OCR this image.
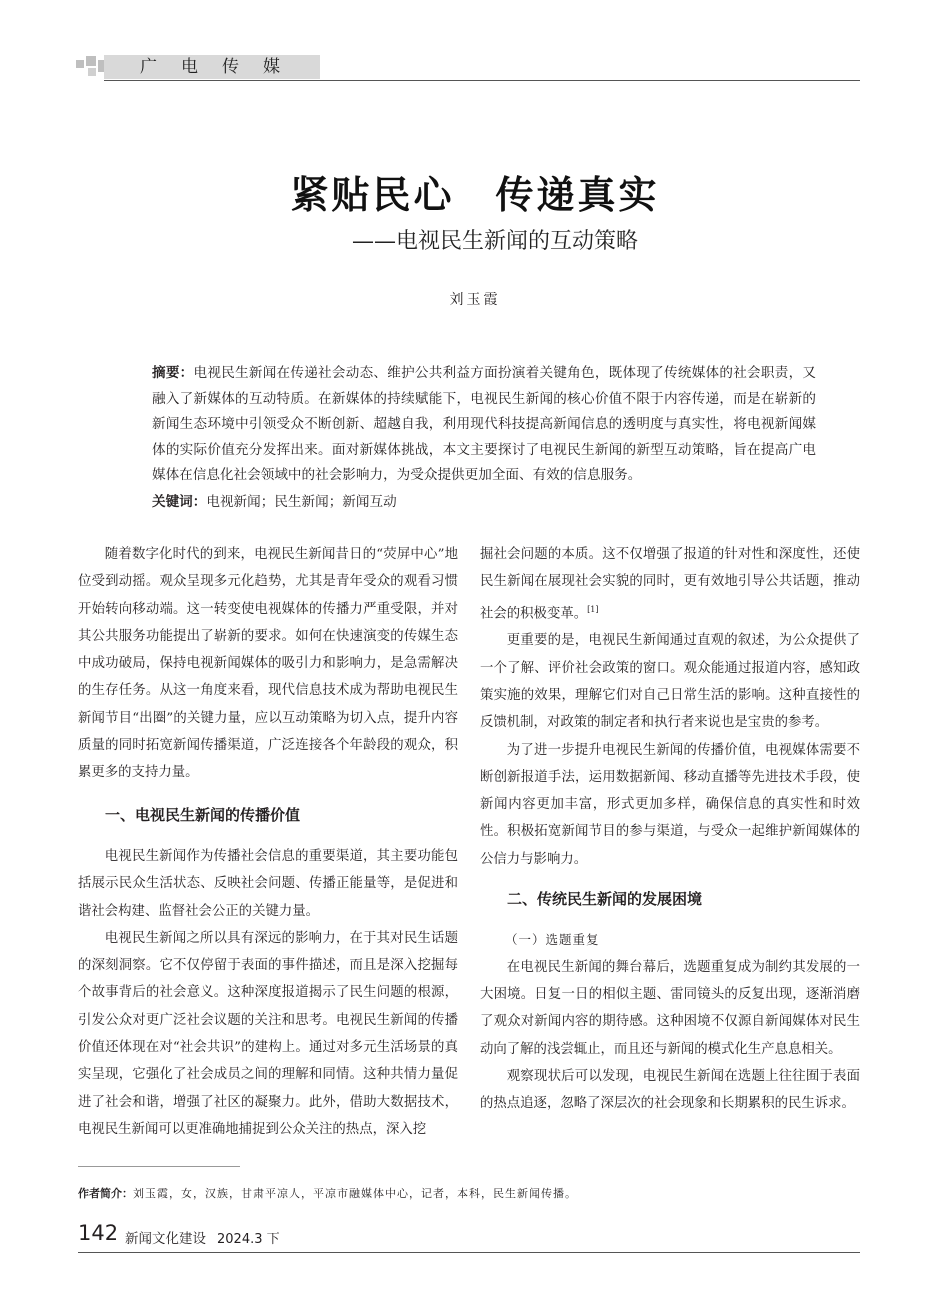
广电传媒
紧贴民心　传递真实
——电视民生新闻的互动策略
刘玉霞
摘要：电视民生新闻在传递社会动态、维护公共利益方面扮演着关键角色，既体现了传统媒体的社会职责，又融入了新媒体的互动特质。在新媒体的持续赋能下，电视民生新闻的核心价值不限于内容传递，而是在崭新的新闻生态环境中引领受众不断创新、超越自我，利用现代科技提高新闻信息的透明度与真实性，将电视新闻媒体的实际价值充分发挥出来。面对新媒体挑战，本文主要探讨了电视民生新闻的新型互动策略，旨在提高广电媒体在信息化社会领域中的社会影响力，为受众提供更加全面、有效的信息服务。
关键词：电视新闻；民生新闻；新闻互动

随着数字化时代的到来，电视民生新闻昔日的“荧屏中心”地位受到动摇。观众呈现多元化趋势，尤其是青年受众的观看习惯开始转向移动端。这一转变使电视媒体的传播力严重受限，并对其公共服务功能提出了崭新的要求。如何在快速演变的传媒生态中成功破局，保持电视新闻媒体的吸引力和影响力，是急需解决的生存任务。从这一角度来看，现代信息技术成为帮助电视民生新闻节目“出圈”的关键力量，应以互动策略为切入点，提升内容质量的同时拓宽新闻传播渠道，广泛连接各个年龄段的观众，积累更多的支持力量。

一、电视民生新闻的传播价值

电视民生新闻作为传播社会信息的重要渠道，其主要功能包括展示民众生活状态、反映社会问题、传播正能量等，是促进和谐社会构建、监督社会公正的关键力量。

电视民生新闻之所以具有深远的影响力，在于其对民生话题的深刻洞察。它不仅停留于表面的事件描述，而且是深入挖掘每个故事背后的社会意义。这种深度报道揭示了民生问题的根源，引发公众对更广泛社会议题的关注和思考。电视民生新闻的传播价值还体现在对“社会共识”的建构上。通过对多元生活场景的真实呈现，它强化了社会成员之间的理解和同情。这种共情力量促进了社会和谐，增强了社区的凝聚力。此外，借助大数据技术，电视民生新闻可以更准确地捕捉到公众关注的热点，深入挖

掘社会问题的本质。这不仅增强了报道的针对性和深度性，还使民生新闻在展现社会实貌的同时，更有效地引导公共话题，推动社会的积极变革。[1]

更重要的是，电视民生新闻通过直观的叙述，为公众提供了一个了解、评价社会政策的窗口。观众能通过报道内容，感知政策实施的效果，理解它们对自己日常生活的影响。这种直接性的反馈机制，对政策的制定者和执行者来说也是宝贵的参考。

为了进一步提升电视民生新闻的传播价值，电视媒体需要不断创新报道手法，运用数据新闻、移动直播等先进技术手段，使新闻内容更加丰富，形式更加多样，确保信息的真实性和时效性。积极拓宽新闻节目的参与渠道，与受众一起维护新闻媒体的公信力与影响力。

二、传统民生新闻的发展困境
（一）选题重复

在电视民生新闻的舞台幕后，选题重复成为制约其发展的一大困境。日复一日的相似主题、雷同镜头的反复出现，逐渐消磨了观众对新闻内容的期待感。这种困境不仅源自新闻媒体对民生动向了解的浅尝辄止，而且还与新闻的模式化生产息息相关。

观察现状后可以发现，电视民生新闻在选题上往往囿于表面的热点追逐，忽略了深层次的社会现象和长期累积的民生诉求。

作者简介：刘玉霞，女，汉族，甘肃平凉人，平凉市融媒体中心，记者，本科，民生新闻传播。
142 新闻文化建设 2024.3 下
